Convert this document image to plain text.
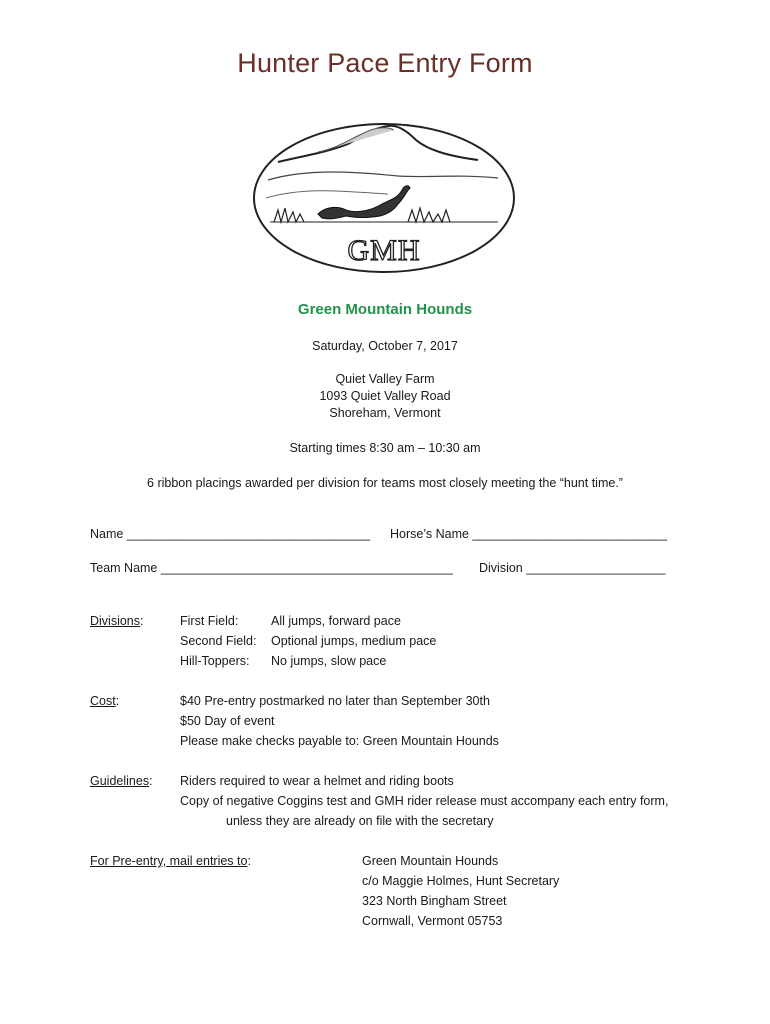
Hunter Pace Entry Form
GMH
Green Mountain Hounds
Saturday, October 7, 2017
Quiet Valley Farm
1093 Quiet Valley Road
Shoreham, Vermont
Starting times 8:30 am – 10:30 am
6 ribbon placings awarded per division for teams most closely meeting the “hunt time.”
Name ___________________________________ Horse’s Name ____________________________
Team Name __________________________________________ Division ____________________
Divisions:	First Field:	All jumps, forward pace
Second Field: Optional jumps, medium pace
Hill-Toppers: No jumps, slow pace
Cost:	$40 Pre-entry postmarked no later than September 30th
$50 Day of event
Please make checks payable to: Green Mountain Hounds
Guidelines: Riders required to wear a helmet and riding boots
Copy of negative Coggins test and GMH rider release must accompany each entry form,
unless they are already on file with the secretary
For Pre-entry, mail entries to:	Green Mountain Hounds
c/o Maggie Holmes, Hunt Secretary
323 North Bingham Street
Cornwall, Vermont 05753
